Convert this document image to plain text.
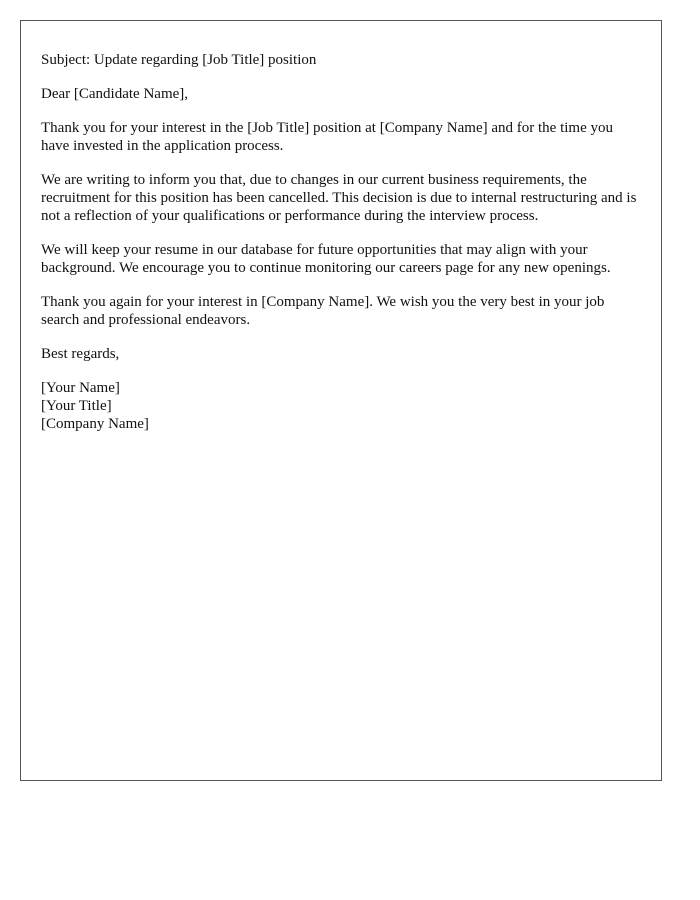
Subject: Update regarding [Job Title] position

Dear [Candidate Name],

Thank you for your interest in the [Job Title] position at [Company Name] and for the time you have invested in the application process.

We are writing to inform you that, due to changes in our current business requirements, the recruitment for this position has been cancelled. This decision is due to internal restructuring and is not a reflection of your qualifications or performance during the interview process.

We will keep your resume in our database for future opportunities that may align with your background. We encourage you to continue monitoring our careers page for any new openings.

Thank you again for your interest in [Company Name]. We wish you the very best in your job search and professional endeavors.

Best regards,

[Your Name]

[Your Title]

[Company Name]
